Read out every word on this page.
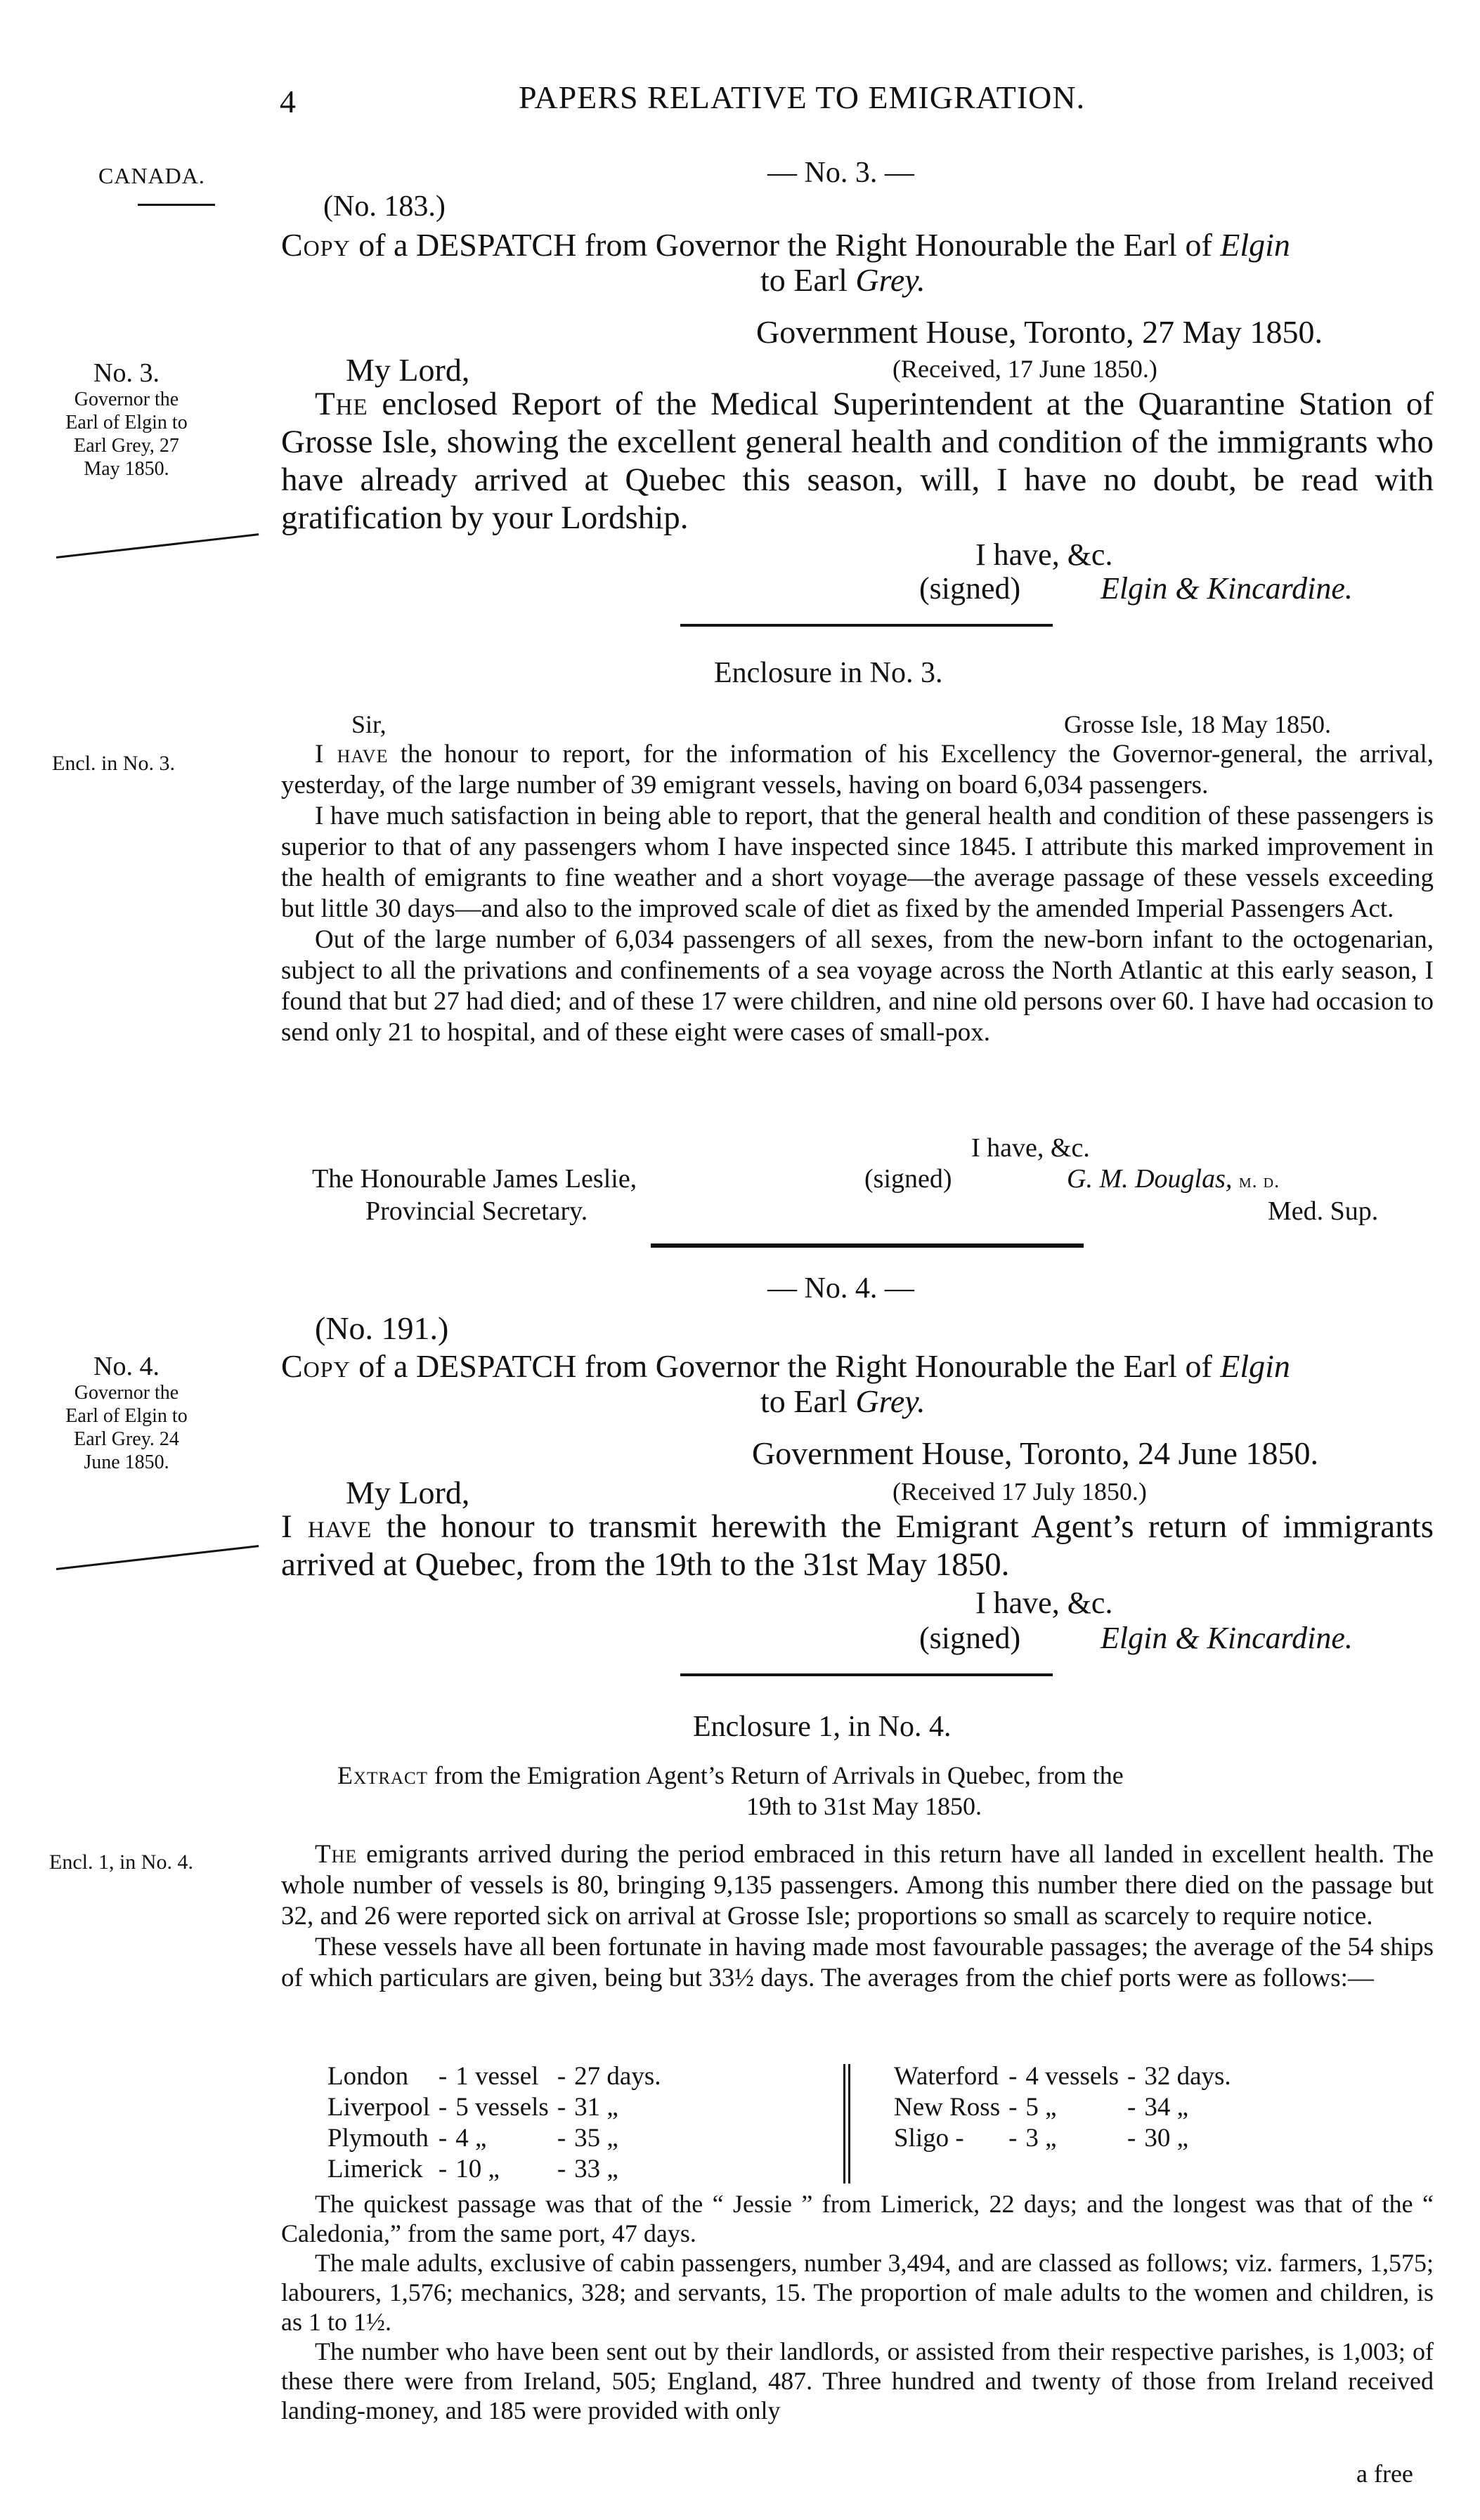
4	PAPERS RELATIVE TO EMIGRATION.
CANADA.	— No. 3. —
(No. 183.)
Copy of a DESPATCH from Governor the Right Honourable the Earl of Elgin
to Earl Grey.
Government House, Toronto, 27 May 1850.
My Lord,	(Received, 17 June 1850.)
No. 3.
Governor the Earl of Elgin to Earl Grey, 27 May 1850.

The enclosed Report of the Medical Superintendent at the Quarantine Station of Grosse Isle, showing the excellent general health and condition of the immigrants who have already arrived at Quebec this season, will, I have no doubt, be read with gratification by your Lordship.

I have, &c.
(signed)	Elgin & Kincardine.
Enclosure in No. 3.
Encl. in No. 3.
Sir,	Grosse Isle, 18 May 1850.

I have the honour to report, for the information of his Excellency the Governor-general, the arrival, yesterday, of the large number of 39 emigrant vessels, having on board 6,034 passengers.

I have much satisfaction in being able to report, that the general health and condition of these passengers is superior to that of any passengers whom I have inspected since 1845. I attribute this marked improvement in the health of emigrants to fine weather and a short voyage—the average passage of these vessels exceeding but little 30 days—and also to the improved scale of diet as fixed by the amended Imperial Passengers Act.

Out of the large number of 6,034 passengers of all sexes, from the new-born infant to the octogenarian, subject to all the privations and confinements of a sea voyage across the North Atlantic at this early season, I found that but 27 had died; and of these 17 were children, and nine old persons over 60. I have had occasion to send only 21 to hospital, and of these eight were cases of small-pox.

I have, &c.
The Honourable James Leslie,
Provincial Secretary.
(signed)	G. M. Douglas, m. d.
Med. Sup.
— No. 4. —
(No. 191.)
Copy of a DESPATCH from Governor the Right Honourable the Earl of Elgin
to Earl Grey.
Government House, Toronto, 24 June 1850.
My Lord,	(Received 17 July 1850.)
No. 4.
Governor the Earl of Elgin to Earl Grey. 24 June 1850.

I have the honour to transmit herewith the Emigrant Agent’s return of immigrants arrived at Quebec, from the 19th to the 31st May 1850.

I have, &c.
(signed)	Elgin & Kincardine.
Enclosure 1, in No. 4.
Extract from the Emigration Agent’s Return of Arrivals in Quebec, from the
19th to 31st May 1850.
Encl. 1, in No. 4.	The emigrants arrived during the period embraced in this return have all landed in excellent health. The whole number of vessels is 80, bringing 9,135 passengers. Among this number there died on the passage but 32, and 26 were reported sick on arrival at Grosse Isle; proportions so small as scarcely to require notice.

These vessels have all been fortunate in having made most favourable passages; the average of the 54 ships of which particulars are given, being but 33½ days. The averages from the chief ports were as follows:—

London	-	1 vessel	-	27 days.
Liverpool	-	5 vessels	-	31 „
Plymouth	-	4 „	-	35 „
Limerick	-	10 „	-	33 „
Waterford	-	4 vessels	-	32 days.
New Ross	-	5 „	-	34 „
Sligo -	-	3 „	-	30 „

The quickest passage was that of the “ Jessie ” from Limerick, 22 days; and the longest was that of the “ Caledonia,” from the same port, 47 days.

The male adults, exclusive of cabin passengers, number 3,494, and are classed as follows; viz. farmers, 1,575; labourers, 1,576; mechanics, 328; and servants, 15. The proportion of male adults to the women and children, is as 1 to 1½.

The number who have been sent out by their landlords, or assisted from their respective parishes, is 1,003; of these there were from Ireland, 505; England, 487. Three hundred and twenty of those from Ireland received landing-money, and 185 were provided with only

a free
